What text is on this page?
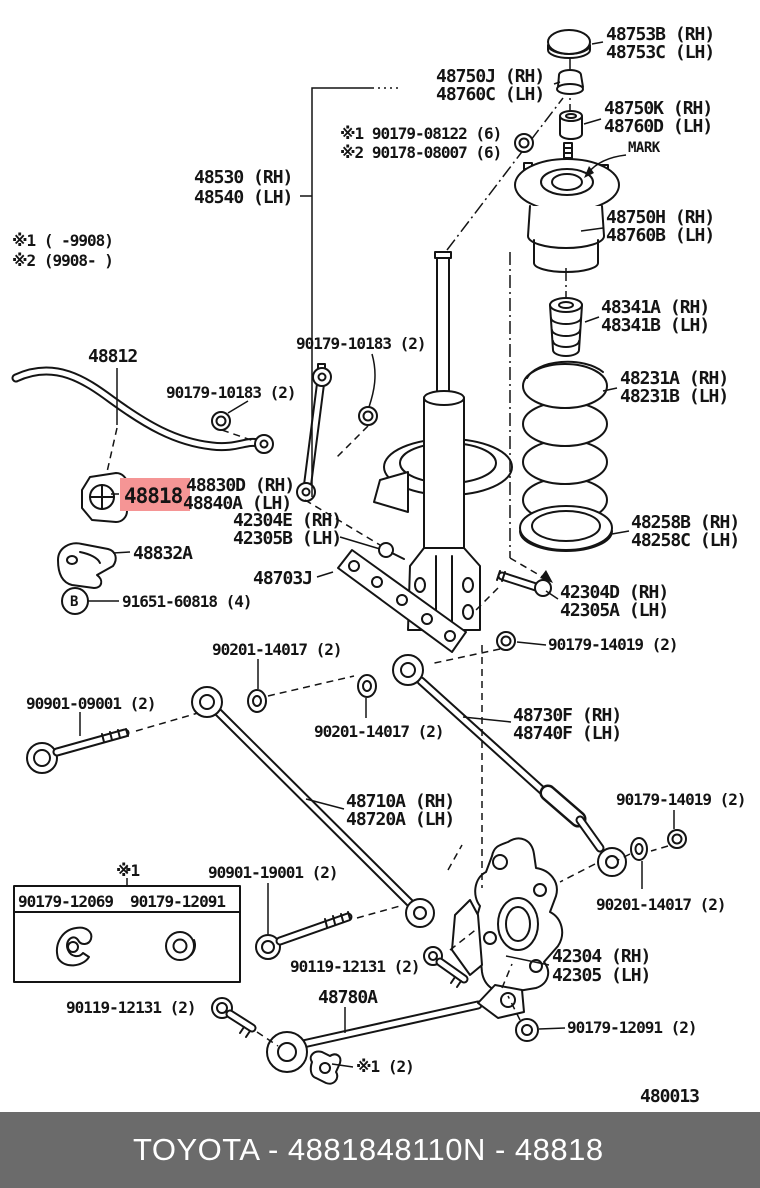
B
※1
90179-12069 90179-12091
48818
48753B (RH)
48753C (LH)
48750J (RH)
48760C (LH)
48750K (RH)
48760D (LH)
※1 90179-08122 (6)
※2 90178-08007 (6)	MARK
48530 (RH)
48540 (LH)
48750H (RH)
48760B (LH)
※1 ( -9908)
※2 (9908- )
48341A (RH)
48341B (LH)
48812
90179-10183 (2)
48231A (RH)
48231B (LH)
90179-10183 (2)
48830D (RH)
48840A (LH)
42304E (RH)
42305B (LH)
48258B (RH)
48258C (LH)
48832A
48703J
91651-60818 (4)	42304D (RH)
42305A (LH)
90201-14017 (2)	90179-14019 (2)
90901-09001 (2)
48730F (RH)
48740F (LH)
90201-14017 (2)
48710A (RH)
48720A (LH)
90179-14019 (2)
90201-14017 (2)
90901-19001 (2)
42304 (RH)
42305 (LH)
90119-12131 (2)
90119-12131 (2)	48780A
90179-12091 (2)
※1 (2)
480013
TOYOTA - 4881848110 N - 48818
